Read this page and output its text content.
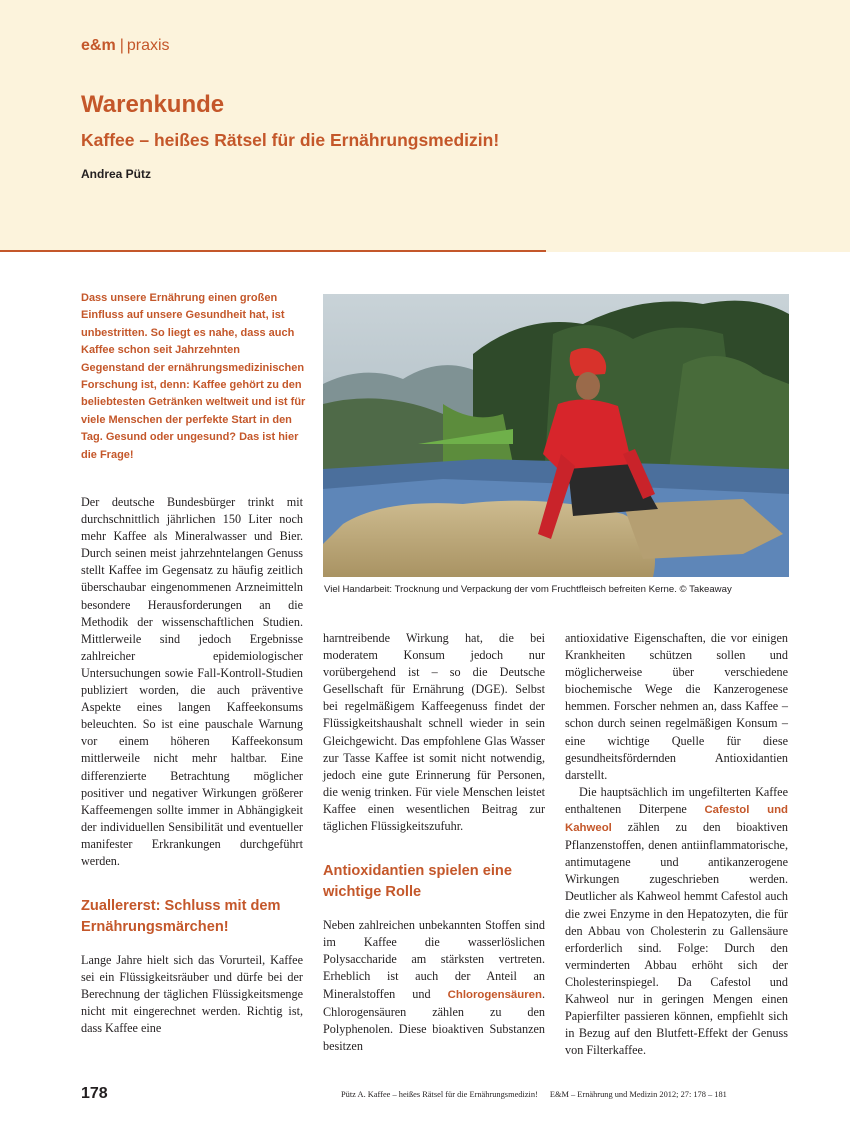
e&m | praxis
Warenkunde
Kaffee – heißes Rätsel für die Ernährungsmedizin!
Andrea Pütz
Dass unsere Ernährung einen großen Einfluss auf unsere Gesundheit hat, ist unbestritten. So liegt es nahe, dass auch Kaffee schon seit Jahrzehnten Gegenstand der ernährungsmedizinischen Forschung ist, denn: Kaffee gehört zu den beliebtesten Getränken weltweit und ist für viele Menschen der perfekte Start in den Tag. Gesund oder ungesund? Das ist hier die Frage!
Viel Handarbeit: Trocknung und Verpackung der vom Fruchtfleisch befreiten Kerne. © Takeaway

Der deutsche Bundesbürger trinkt mit durchschnittlich jährlichen 150 Liter noch mehr Kaffee als Mineralwasser und Bier. Durch seinen meist jahrzehntelangen Genuss stellt Kaffee im Gegensatz zu häufig zeitlich überschaubar eingenommenen Arzneimitteln besondere Herausforderungen an die Methodik der wissenschaftlichen Studien. Mittlerweile sind jedoch Ergebnisse zahlreicher epidemiologischer Untersuchungen sowie Fall-Kontroll-Studien publiziert worden, die auch präventive Aspekte eines langen Kaffeekonsums beleuchten. So ist eine pauschale Warnung vor einem höheren Kaffeekonsum mittlerweile nicht mehr haltbar. Eine differenzierte Betrachtung möglicher positiver und negativer Wirkungen größerer Kaffeemengen sollte immer in Abhängigkeit der individuellen Sensibilität und eventueller manifester Erkrankungen durchgeführt werden.

Zuallererst: Schluss mit dem Ernährungsmärchen!

Lange Jahre hielt sich das Vorurteil, Kaffee sei ein Flüssigkeitsräuber und dürfe bei der Berechnung der täglichen Flüssigkeitsmenge nicht mit eingerechnet werden. Richtig ist, dass Kaffee eine

harntreibende Wirkung hat, die bei moderatem Konsum jedoch nur vorübergehend ist – so die Deutsche Gesellschaft für Ernährung (DGE). Selbst bei regelmäßigem Kaffeegenuss findet der Flüssigkeitshaushalt schnell wieder in sein Gleichgewicht. Das empfohlene Glas Wasser zur Tasse Kaffee ist somit nicht notwendig, jedoch eine gute Erinnerung für Personen, die wenig trinken. Für viele Menschen leistet Kaffee einen wesentlichen Beitrag zur täglichen Flüssigkeitszufuhr.

Antioxidantien spielen eine wichtige Rolle

Neben zahlreichen unbekannten Stoffen sind im Kaffee die wasserlöslichen Polysaccharide am stärksten vertreten. Erheblich ist auch der Anteil an Mineralstoffen und Chlorogensäuren. Chlorogensäuren zählen zu den Polyphenolen. Diese bioaktiven Substanzen besitzen

antioxidative Eigenschaften, die vor einigen Krankheiten schützen sollen und möglicherweise über verschiedene biochemische Wege die Kanzerogenese hemmen. Forscher nehmen an, dass Kaffee – schon durch seinen regelmäßigen Konsum – eine wichtige Quelle für diese gesundheitsfördernden Antioxidantien darstellt.

Die hauptsächlich im ungefilterten Kaffee enthaltenen Diterpene Cafestol und Kahweol zählen zu den bioaktiven Pflanzenstoffen, denen antiinflammatorische, antimutagene und antikanzerogene Wirkungen zugeschrieben werden. Deutlicher als Kahweol hemmt Cafestol auch die zwei Enzyme in den Hepatozyten, die für den Abbau von Cholesterin zu Gallensäure erforderlich sind. Folge: Durch den verminderten Abbau erhöht sich der Cholesterinspiegel. Da Cafestol und Kahweol nur in geringen Mengen einen Papierfilter passieren können, empfiehlt sich in Bezug auf den Blutfett-Effekt der Genuss von Filterkaffee.

178	Pütz A. Kaffee – heißes Rätsel für die Ernährungsmedizin! E&M – Ernährung und Medizin 2012; 27: 178 – 181
